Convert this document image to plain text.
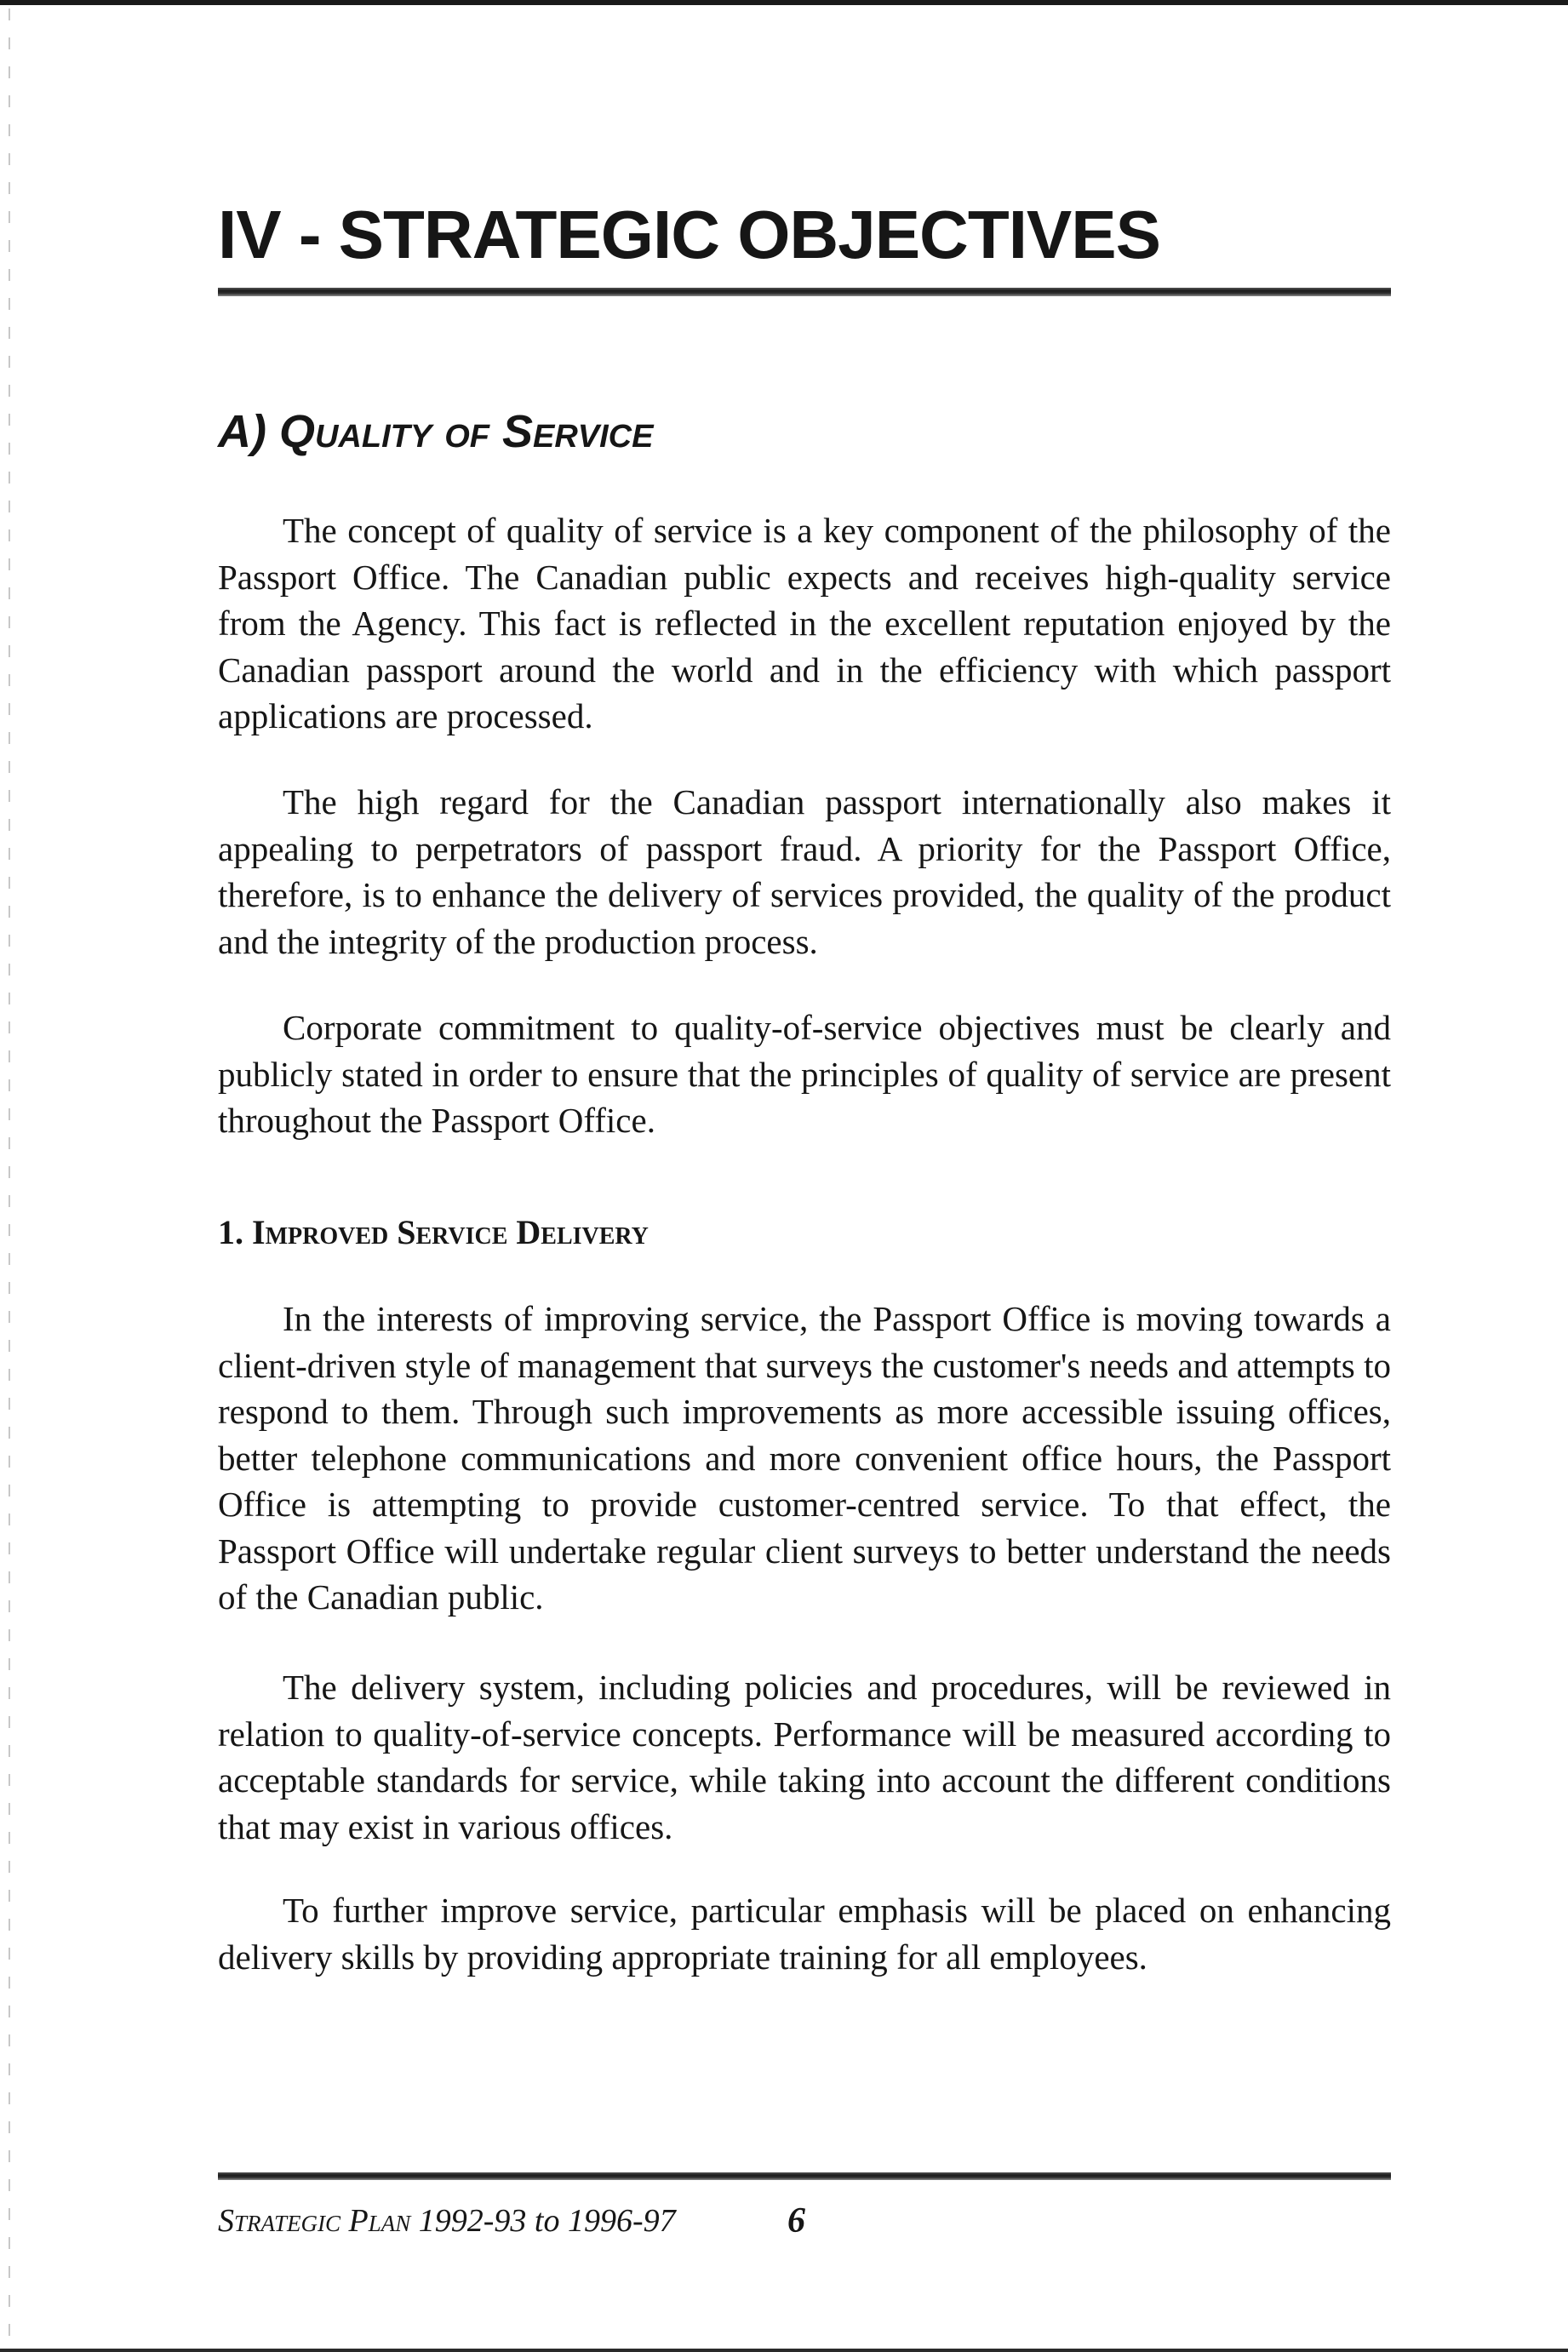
IV - STRATEGIC OBJECTIVES
A) Quality of Service

The concept of quality of service is a key component of the philosophy of the Passport Office. The Canadian public expects and receives high-quality service from the Agency. This fact is reflected in the excellent reputation enjoyed by the Canadian passport around the world and in the efficiency with which passport applications are processed.

The high regard for the Canadian passport internationally also makes it appealing to perpetrators of passport fraud. A priority for the Passport Office, therefore, is to enhance the delivery of services provided, the quality of the product and the integrity of the production process.

Corporate commitment to quality-of-service objectives must be clearly and publicly stated in order to ensure that the principles of quality of service are present throughout the Passport Office.

1. Improved Service Delivery

In the interests of improving service, the Passport Office is moving towards a client-driven style of management that surveys the customer's needs and attempts to respond to them. Through such improvements as more accessible issuing offices, better telephone communications and more convenient office hours, the Passport Office is attempting to provide customer-centred service. To that effect, the Passport Office will undertake regular client surveys to better understand the needs of the Canadian public.

The delivery system, including policies and procedures, will be reviewed in relation to quality-of-service concepts. Performance will be measured according to acceptable standards for service, while taking into account the different conditions that may exist in various offices.

To further improve service, particular emphasis will be placed on enhancing delivery skills by providing appropriate training for all employees.

Strategic Plan 1992-93 to 1996-97	6
